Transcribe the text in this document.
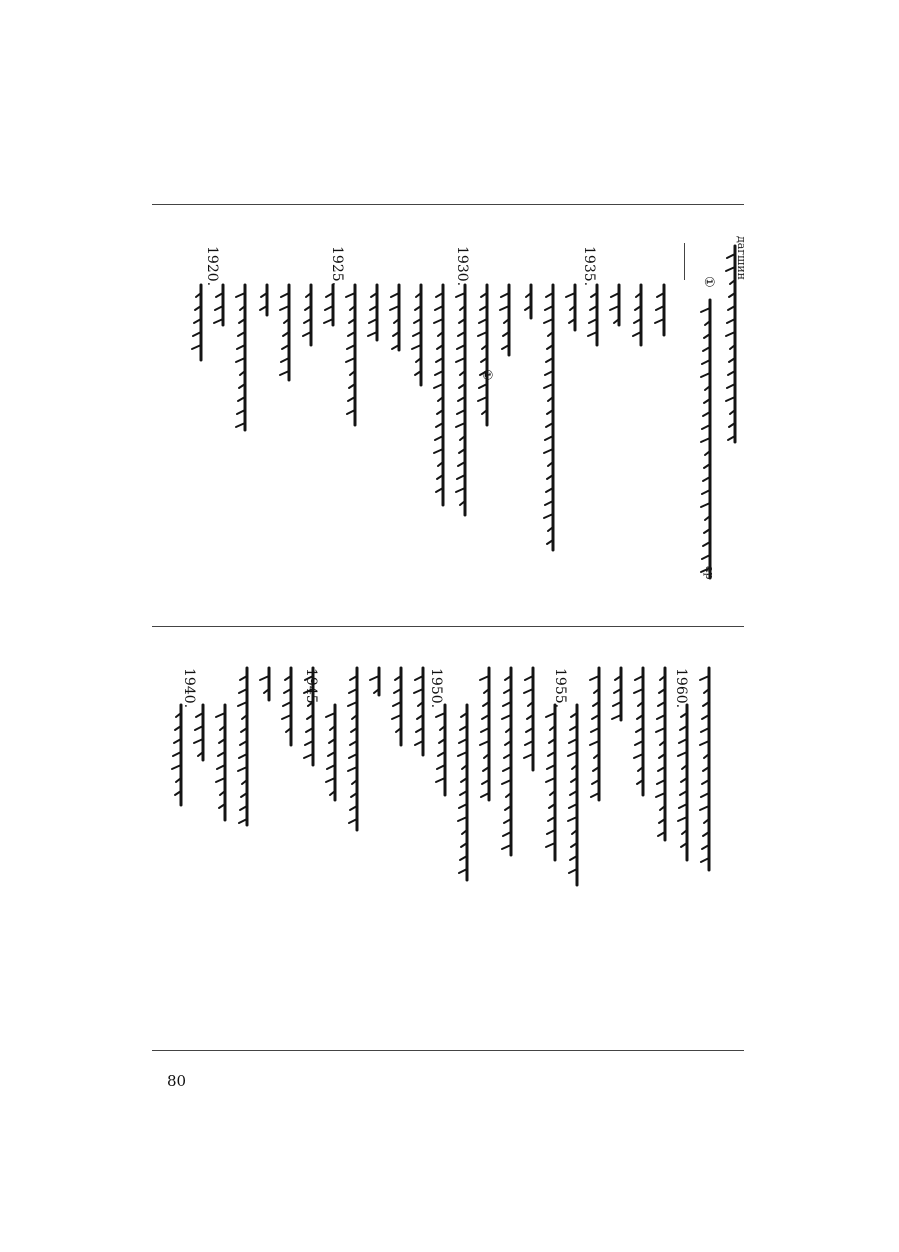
дагшин
①
ap
1935.
1930.
1925.
1920.
①
1960.
1955.
1950.
1945.
1940.
80
